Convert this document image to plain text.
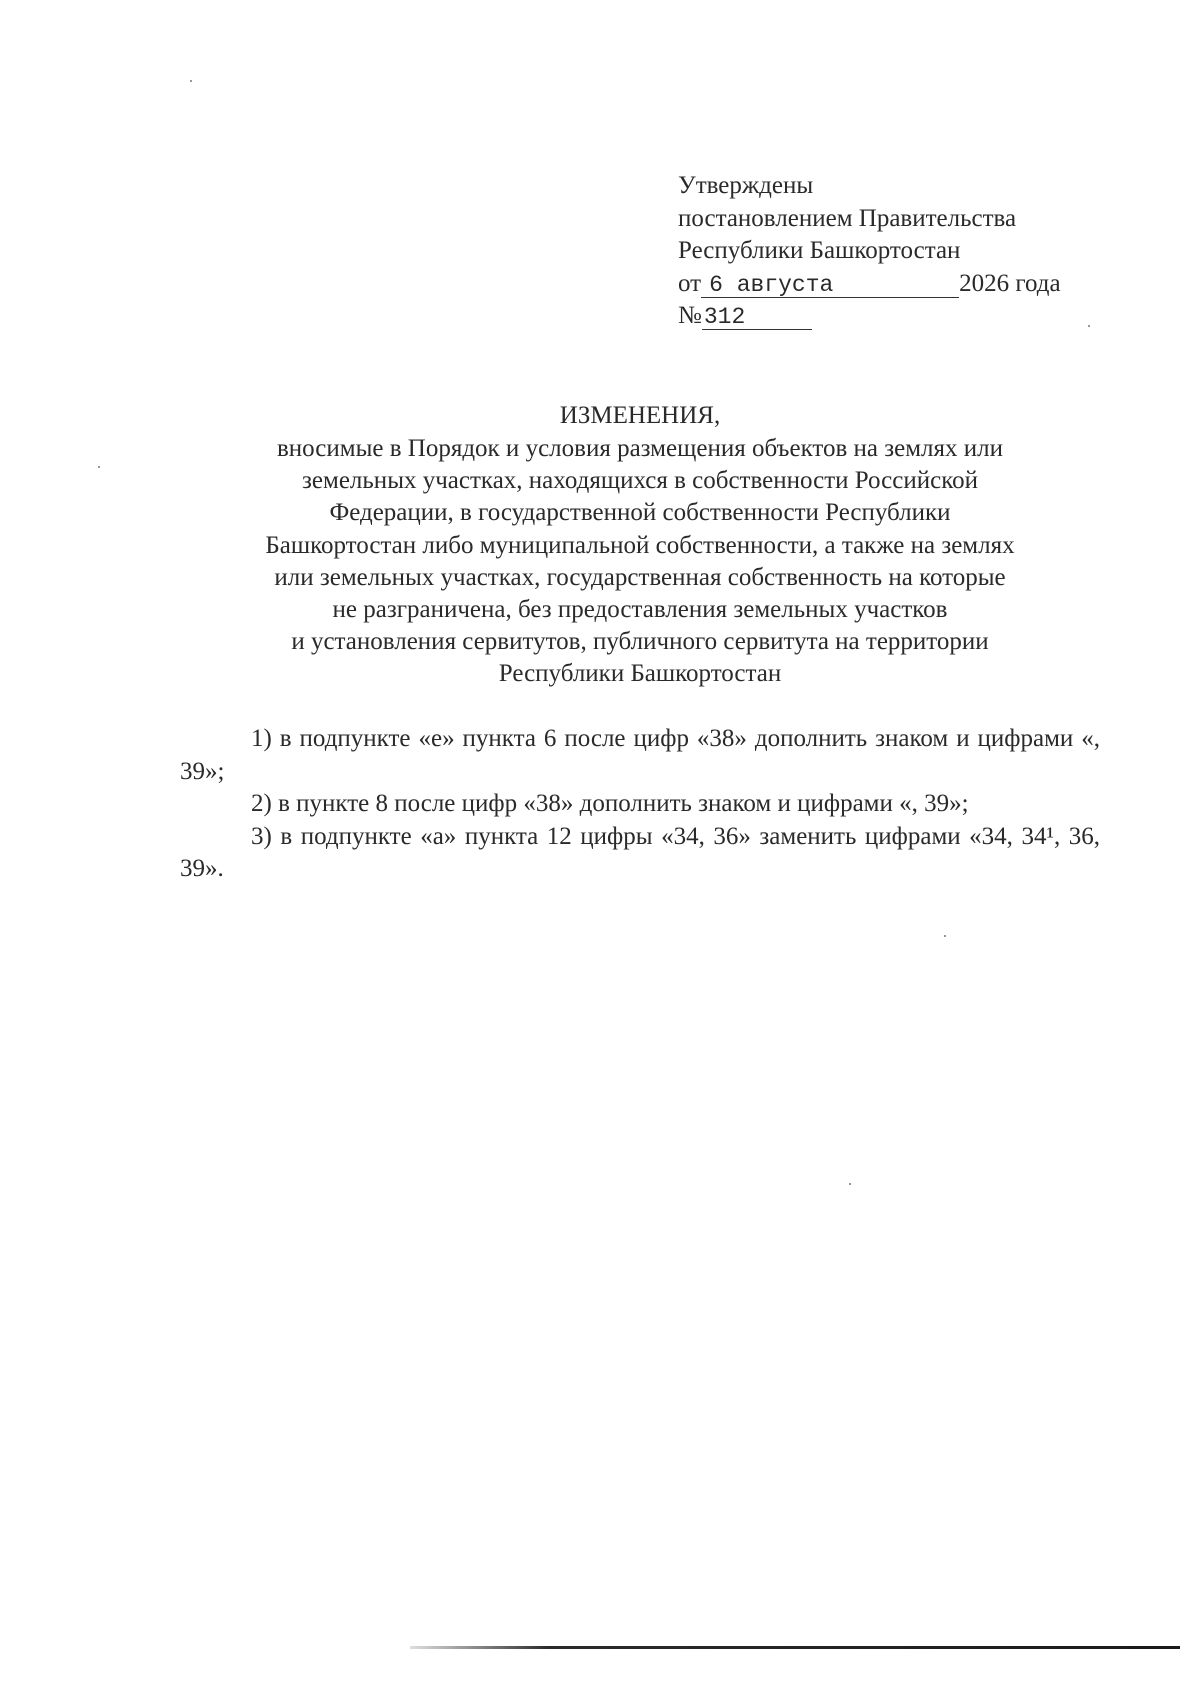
Утверждены
постановлением Правительства
Республики Башкортостан
от 6 августа	2026 года
№312
ИЗМЕНЕНИЯ,
вносимые в Порядок и условия размещения объектов на землях или
земельных участках, находящихся в собственности Российской
Федерации, в государственной собственности Республики
Башкортостан либо муниципальной собственности, а также на землях
или земельных участках, государственная собственность на которые
не разграничена, без предоставления земельных участков
и установления сервитутов, публичного сервитута на территории
Республики Башкортостан

1) в подпункте «е» пункта 6 после цифр «38» дополнить знаком и цифрами «, 39»;

2) в пункте 8 после цифр «38» дополнить знаком и цифрами «, 39»;

3) в подпункте «а» пункта 12 цифры «34, 36» заменить цифрами «34, 34¹, 36, 39».
